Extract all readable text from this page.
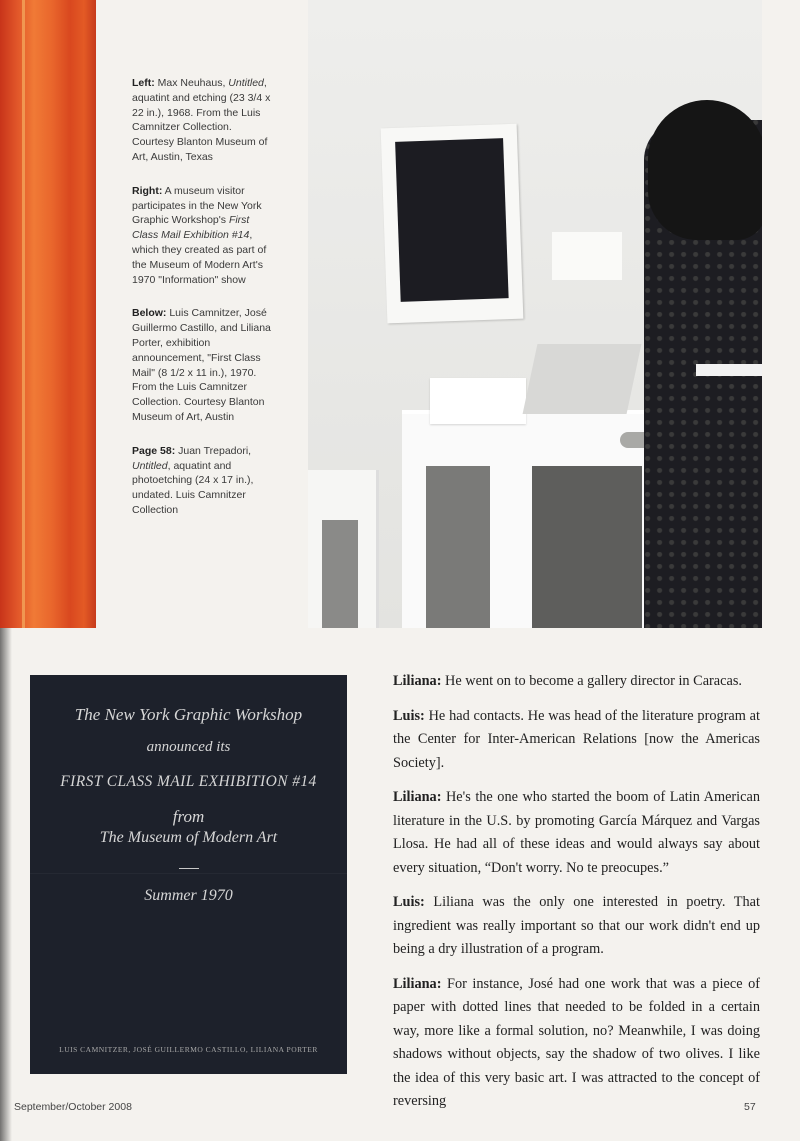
Left: Max Neuhaus, Untitled, aquatint and etching (23 3/4 x 22 in.), 1968. From the Luis Camnitzer Collection. Courtesy Blanton Museum of Art, Austin, Texas

Right: A museum visitor participates in the New York Graphic Workshop's First Class Mail Exhibition #14, which they created as part of the Museum of Modern Art's 1970 "Information" show

Below: Luis Camnitzer, José Guillermo Castillo, and Liliana Porter, exhibition announcement, "First Class Mail" (8 1/2 x 11 in.), 1970. From the Luis Camnitzer Collection. Courtesy Blanton Museum of Art, Austin

Page 58: Juan Trepadori, Untitled, aquatint and photoetching (24 x 17 in.), undated. Luis Camnitzer Collection

The New York Graphic Workshop
announced its
FIRST CLASS MAIL EXHIBITION #14
from
The Museum of Modern Art
Summer 1970
LUIS CAMNITZER, JOSÉ GUILLERMO CASTILLO, LILIANA PORTER

Liliana: He went on to become a gallery director in Caracas.

Luis: He had contacts. He was head of the literature program at the Center for Inter-American Relations [now the Americas Society].

Liliana: He's the one who started the boom of Latin American literature in the U.S. by promoting García Márquez and Vargas Llosa. He had all of these ideas and would always say about every situation, “Don't worry. No te preocupes.”

Luis: Liliana was the only one interested in poetry. That ingredient was really important so that our work didn't end up being a dry illustration of a program.

Liliana: For instance, José had one work that was a piece of paper with dotted lines that needed to be folded in a certain way, more like a formal solution, no? Meanwhile, I was doing shadows without objects, say the shadow of two olives. I like the idea of this very basic art. I was attracted to the concept of reversing

September/October 2008	57
